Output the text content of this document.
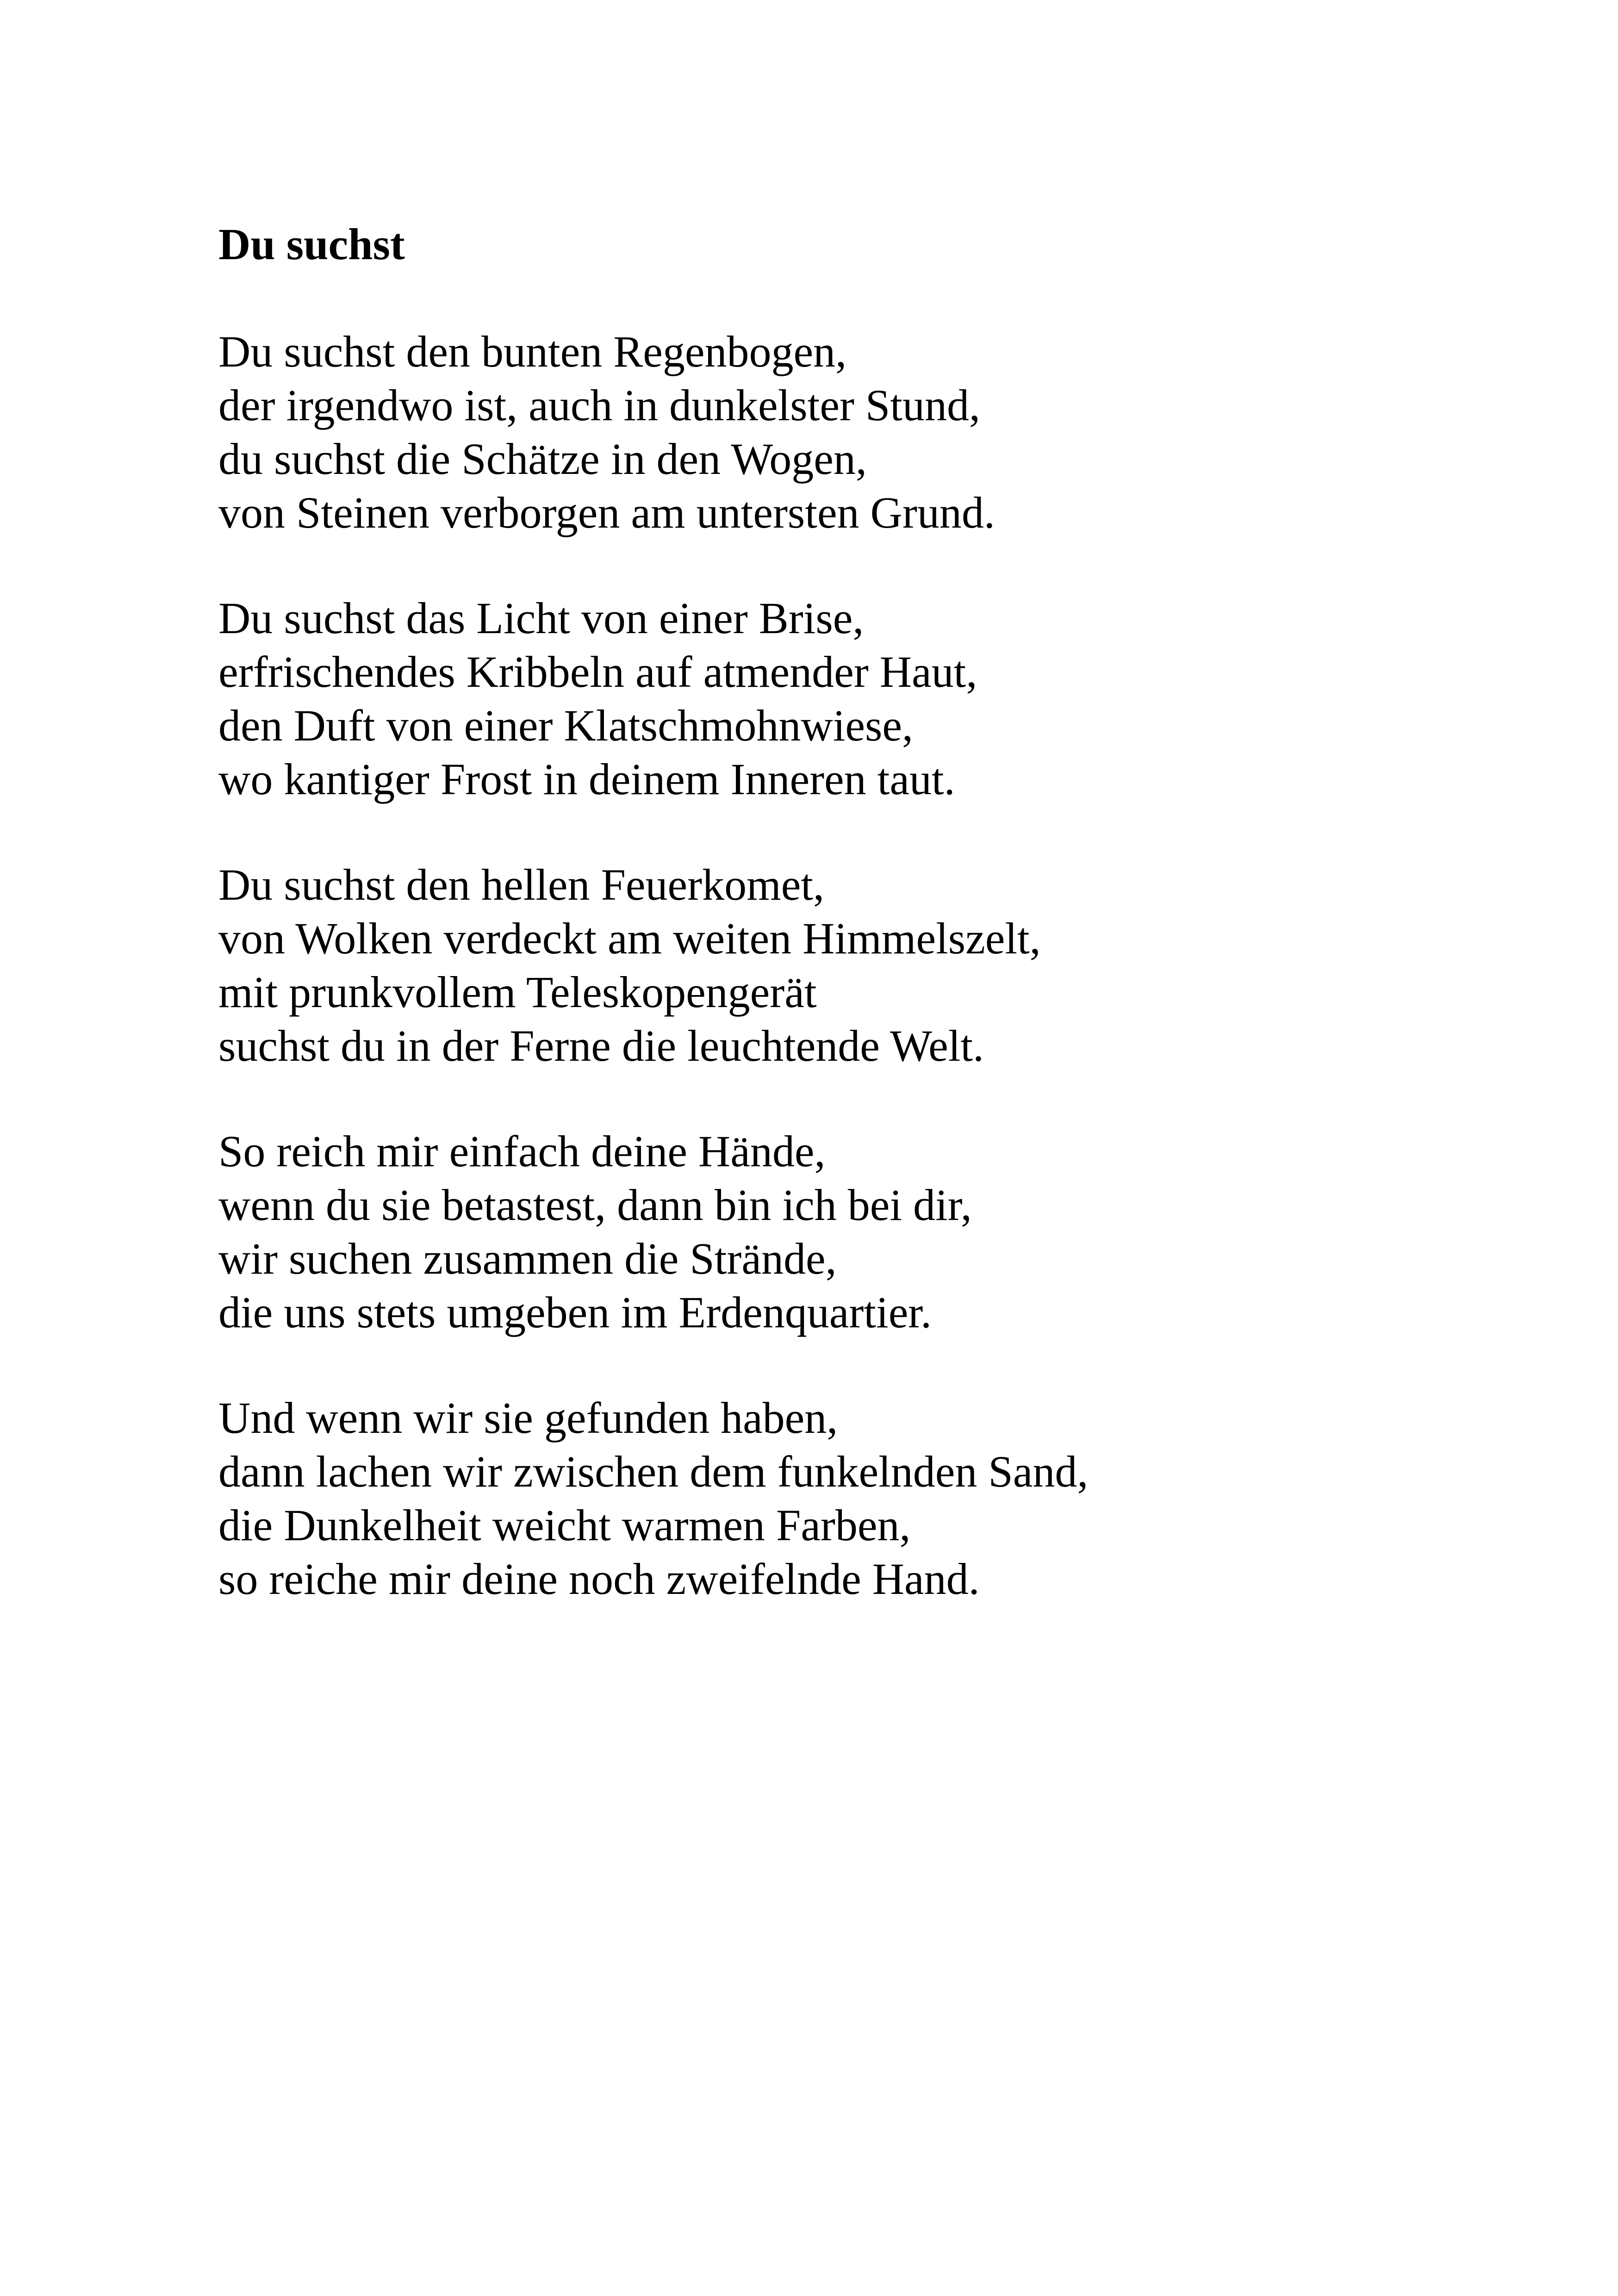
Du suchst
Du suchst den bunten Regenbogen,
der irgendwo ist, auch in dunkelster Stund,
du suchst die Schätze in den Wogen,
von Steinen verborgen am untersten Grund.
Du suchst das Licht von einer Brise,
erfrischendes Kribbeln auf atmender Haut,
den Duft von einer Klatschmohnwiese,
wo kantiger Frost in deinem Inneren taut.
Du suchst den hellen Feuerkomet,
von Wolken verdeckt am weiten Himmelszelt,
mit prunkvollem Teleskopengerät
suchst du in der Ferne die leuchtende Welt.
So reich mir einfach deine Hände,
wenn du sie betastest, dann bin ich bei dir,
wir suchen zusammen die Strände,
die uns stets umgeben im Erdenquartier.
Und wenn wir sie gefunden haben,
dann lachen wir zwischen dem funkelnden Sand,
die Dunkelheit weicht warmen Farben,
so reiche mir deine noch zweifelnde Hand.
